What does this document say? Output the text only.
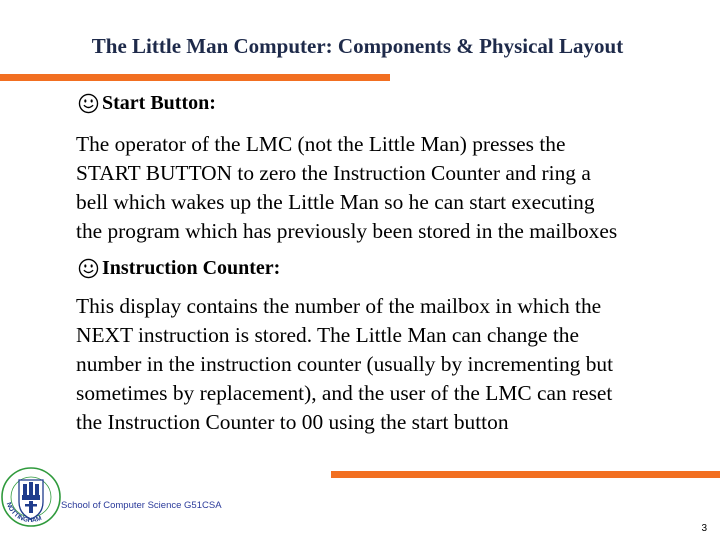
The Little Man Computer: Components & Physical Layout
Start Button:
The operator of the LMC (not the Little Man) presses the
START BUTTON to zero the Instruction Counter and ring a
bell which wakes up the Little Man so he can start executing
the program which has previously been stored in the mailboxes
Instruction Counter:
This display contains the number of the mailbox in which the
NEXT instruction is stored. The Little Man can change the
number in the instruction counter (usually by incrementing but
sometimes by replacement), and the user of the LMC can reset
the Instruction Counter to 00 using the start button
NOTTINGHAM
School of Computer Science G51CSA
3
